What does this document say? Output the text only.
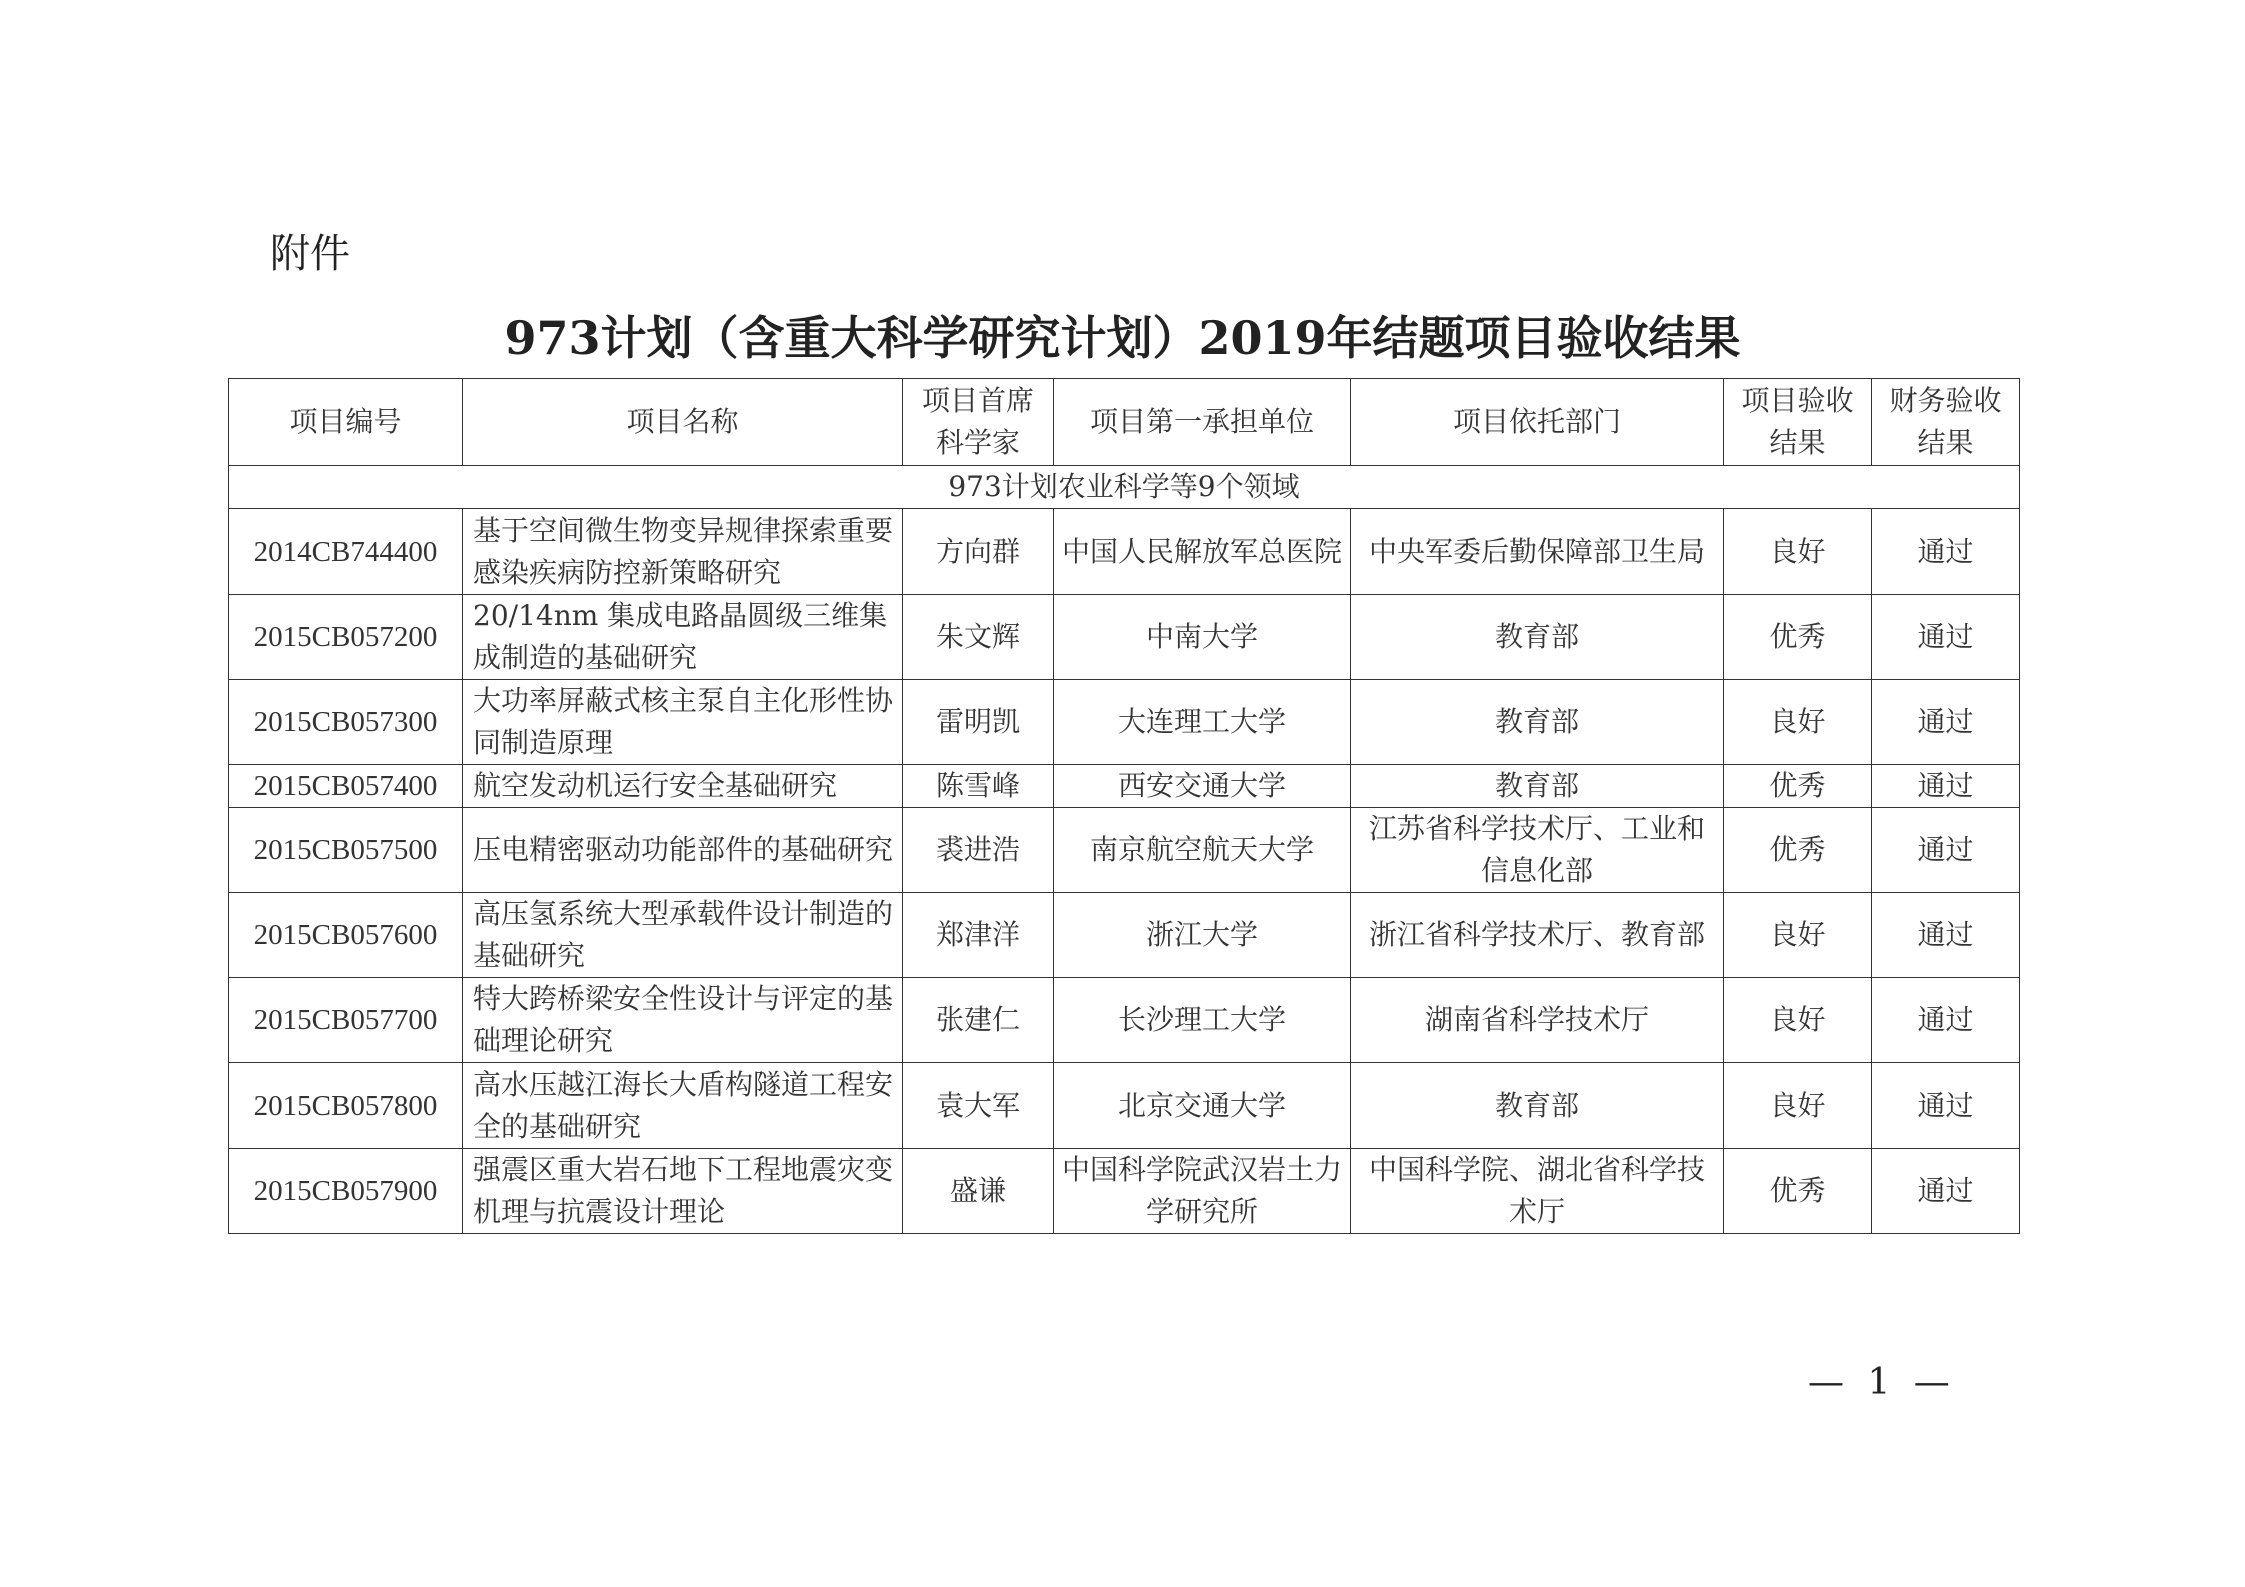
附件
973计划（含重大科学研究计划）2019年结题项目验收结果
项目编号	项目名称	项目首席科学家	项目第一承担单位	项目依托部门	项目验收结果	财务验收结果
973计划农业科学等9个领域						
2014CB744400	基于空间微生物变异规律探索重要感染疾病防控新策略研究	方向群	中国人民解放军总医院	中央军委后勤保障部卫生局	良好	通过
2015CB057200	20/14nm 集成电路晶圆级三维集成制造的基础研究	朱文辉	中南大学	教育部	优秀	通过
2015CB057300	大功率屏蔽式核主泵自主化形性协同制造原理	雷明凯	大连理工大学	教育部	良好	通过
2015CB057400	航空发动机运行安全基础研究	陈雪峰	西安交通大学	教育部	优秀	通过
2015CB057500	压电精密驱动功能部件的基础研究	裘进浩	南京航空航天大学	江苏省科学技术厅、工业和信息化部	优秀	通过
2015CB057600	高压氢系统大型承载件设计制造的基础研究	郑津洋	浙江大学	浙江省科学技术厅、教育部	良好	通过
2015CB057700	特大跨桥梁安全性设计与评定的基础理论研究	张建仁	长沙理工大学	湖南省科学技术厅	良好	通过
2015CB057800	高水压越江海长大盾构隧道工程安全的基础研究	袁大军	北京交通大学	教育部	良好	通过
2015CB057900	强震区重大岩石地下工程地震灾变机理与抗震设计理论	盛谦	中国科学院武汉岩土力学研究所	中国科学院、湖北省科学技术厅	优秀	通过
— 1 —
